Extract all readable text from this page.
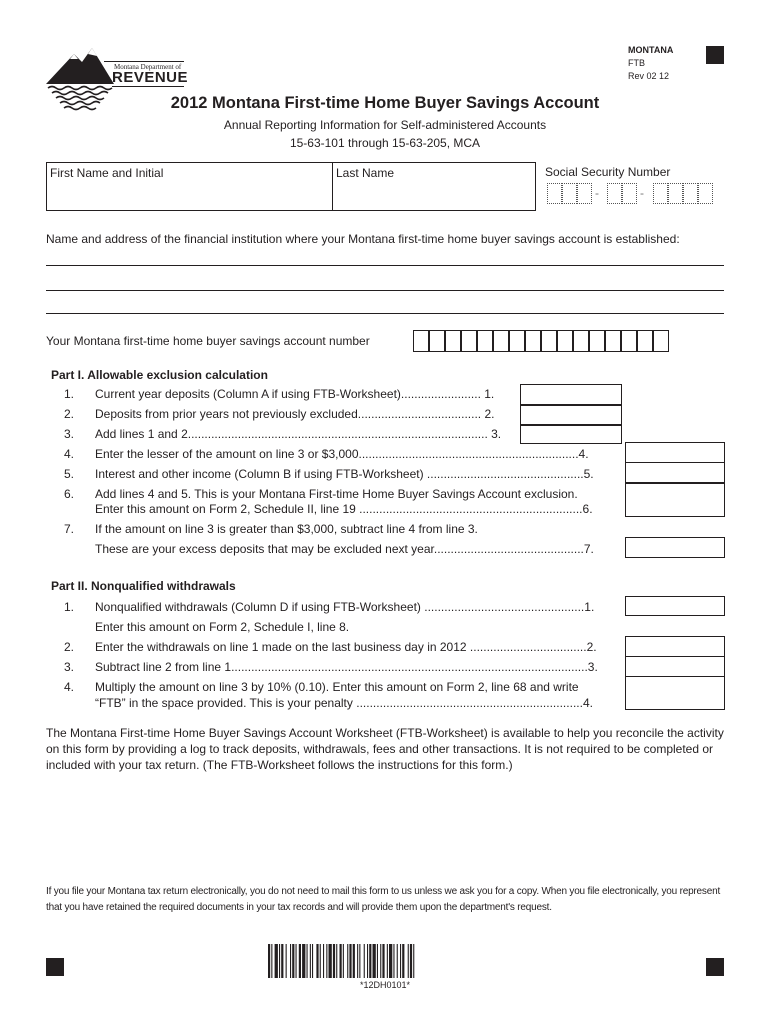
Montana Department of
REVENUE
MONTANA
FTB
Rev 02 12
2012 Montana First-time Home Buyer Savings Account
Annual Reporting Information for Self-administered Accounts
15-63-101 through 15-63-205, MCA
First Name and Initial	Last Name	Social Security Number
-	-
Name and address of the financial institution where your Montana first-time home buyer savings account is established:
Your Montana first-time home buyer savings account number
Part I. Allowable exclusion calculation
1. Current year deposits (Column A if using FTB-Worksheet)........................ 1.
2. Deposits from prior years not previously excluded..................................... 2.
3. Add lines 1 and 2.......................................................................................... 3.
4. Enter the lesser of the amount on line 3 or $3,000..................................................................4.
5. Interest and other income (Column B if using FTB-Worksheet) ...............................................5.
6. Add lines 4 and 5. This is your Montana First-time Home Buyer Savings Account exclusion.
Enter this amount on Form 2, Schedule II, line 19 ...................................................................6.
7. If the amount on line 3 is greater than $3,000, subtract line 4 from line 3.
These are your excess deposits that may be excluded next year.............................................7.
Part II. Nonqualified withdrawals
1. Nonqualified withdrawals (Column D if using FTB-Worksheet) ................................................1.
Enter this amount on Form 2, Schedule I, line 8.
2. Enter the withdrawals on line 1 made on the last business day in 2012 ...................................2.
3. Subtract line 2 from line 1...........................................................................................................3.
4. Multiply the amount on line 3 by 10% (0.10). Enter this amount on Form 2, line 68 and write
“FTB” in the space provided. This is your penalty ....................................................................4.
The Montana First-time Home Buyer Savings Account Worksheet (FTB-Worksheet) is available to help you reconcile the activity on this form by providing a log to track deposits, withdrawals, fees and other transactions. It is not required to be completed or included with your tax return. (The FTB-Worksheet follows the instructions for this form.)
If you file your Montana tax return electronically, you do not need to mail this form to us unless we ask you for a copy. When you file electronically, you represent that you have retained the required documents in your tax records and will provide them upon the department's request.
*12DH0101*
